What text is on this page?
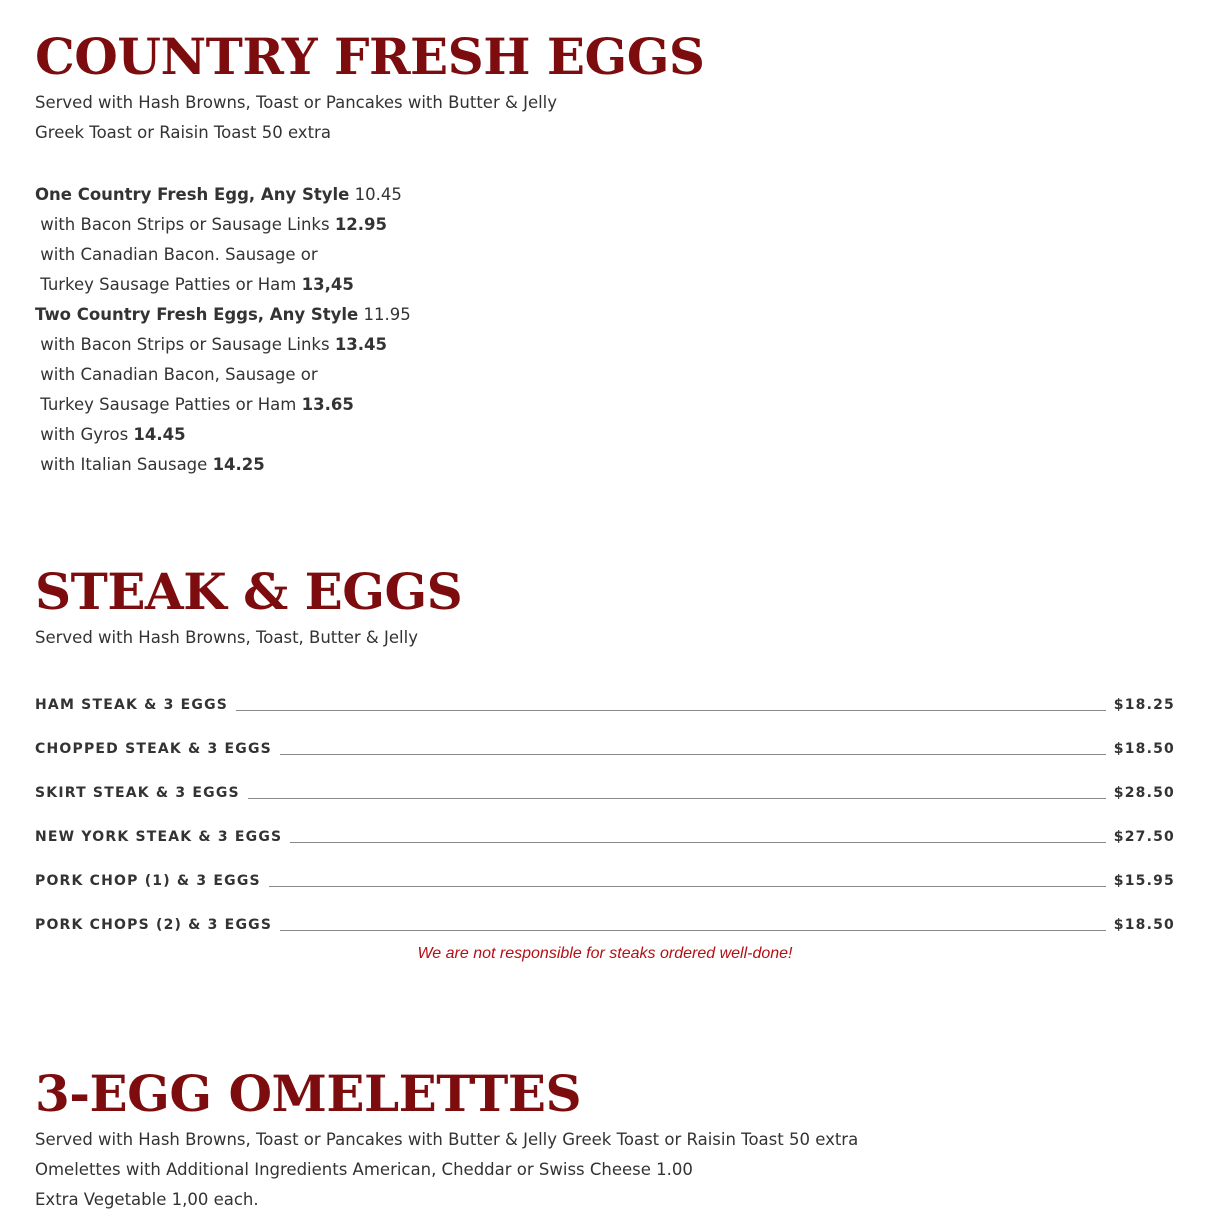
COUNTRY FRESH EGGS
Served with Hash Browns, Toast or Pancakes with Butter & Jelly
Greek Toast or Raisin Toast 50 extra
One Country Fresh Egg, Any Style 10.45
with Bacon Strips or Sausage Links 12.95
with Canadian Bacon. Sausage or
Turkey Sausage Patties or Ham 13,45
Two Country Fresh Eggs, Any Style 11.95
with Bacon Strips or Sausage Links 13.45
with Canadian Bacon, Sausage or
Turkey Sausage Patties or Ham 13.65
with Gyros 14.45
with Italian Sausage 14.25
STEAK & EGGS
Served with Hash Browns, Toast, Butter & Jelly
HAM STEAK & 3 EGGS	$18.25
CHOPPED STEAK & 3 EGGS	$18.50
SKIRT STEAK & 3 EGGS	$28.50
NEW YORK STEAK & 3 EGGS	$27.50
PORK CHOP (1) & 3 EGGS	$15.95
PORK CHOPS (2) & 3 EGGS	$18.50
We are not responsible for steaks ordered well-done!
3-EGG OMELETTES
Served with Hash Browns, Toast or Pancakes with Butter & Jelly Greek Toast or Raisin Toast 50 extra
Omelettes with Additional Ingredients American, Cheddar or Swiss Cheese 1.00
Extra Vegetable 1,00 each.
